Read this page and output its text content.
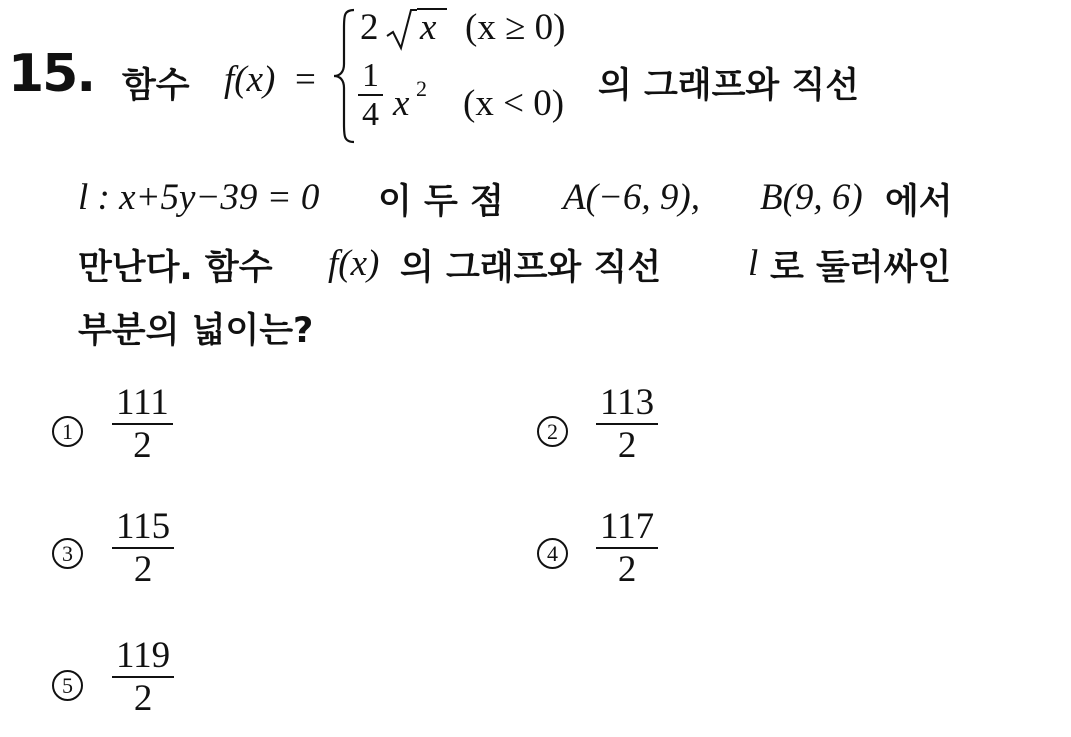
15. 함수 f(x) =
2 x (x ≥ 0)
1
4 x 2 (x < 0) 의 그래프와 직선
l : x+5y−39 = 0 이 두 점 A(−6, 9), B(9, 6) 에서
만난다. 함수 f(x) 의 그래프와 직선 l 로 둘러싸인
부분의 넓이는?
1
111
2	2
113
2
3
115
2	4
117
2
5
119
2
